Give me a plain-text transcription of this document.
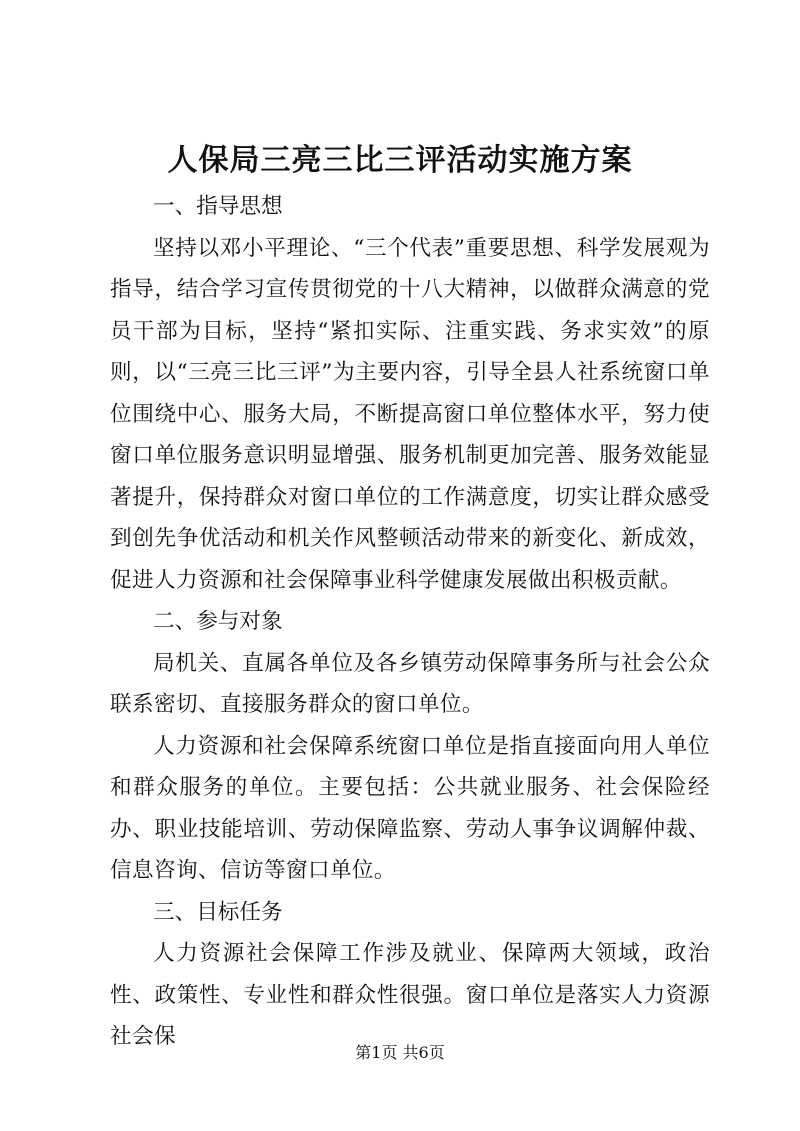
人保局三亮三比三评活动实施方案

一、指导思想

坚持以邓小平理论、“三个代表”重要思想、科学发展观为指导，结合学习宣传贯彻党的十八大精神，以做群众满意的党员干部为目标，坚持“紧扣实际、注重实践、务求实效”的原则，以“三亮三比三评”为主要内容，引导全县人社系统窗口单位围绕中心、服务大局，不断提高窗口单位整体水平，努力使窗口单位服务意识明显增强、服务机制更加完善、服务效能显著提升，保持群众对窗口单位的工作满意度，切实让群众感受到创先争优活动和机关作风整顿活动带来的新变化、新成效，促进人力资源和社会保障事业科学健康发展做出积极贡献。

二、参与对象

局机关、直属各单位及各乡镇劳动保障事务所与社会公众联系密切、直接服务群众的窗口单位。

人力资源和社会保障系统窗口单位是指直接面向用人单位和群众服务的单位。主要包括：公共就业服务、社会保险经办、职业技能培训、劳动保障监察、劳动人事争议调解仲裁、信息咨询、信访等窗口单位。

三、目标任务

人力资源社会保障工作涉及就业、保障两大领域，政治性、政策性、专业性和群众性很强。窗口单位是落实人力资源社会保

第1页 共6页
